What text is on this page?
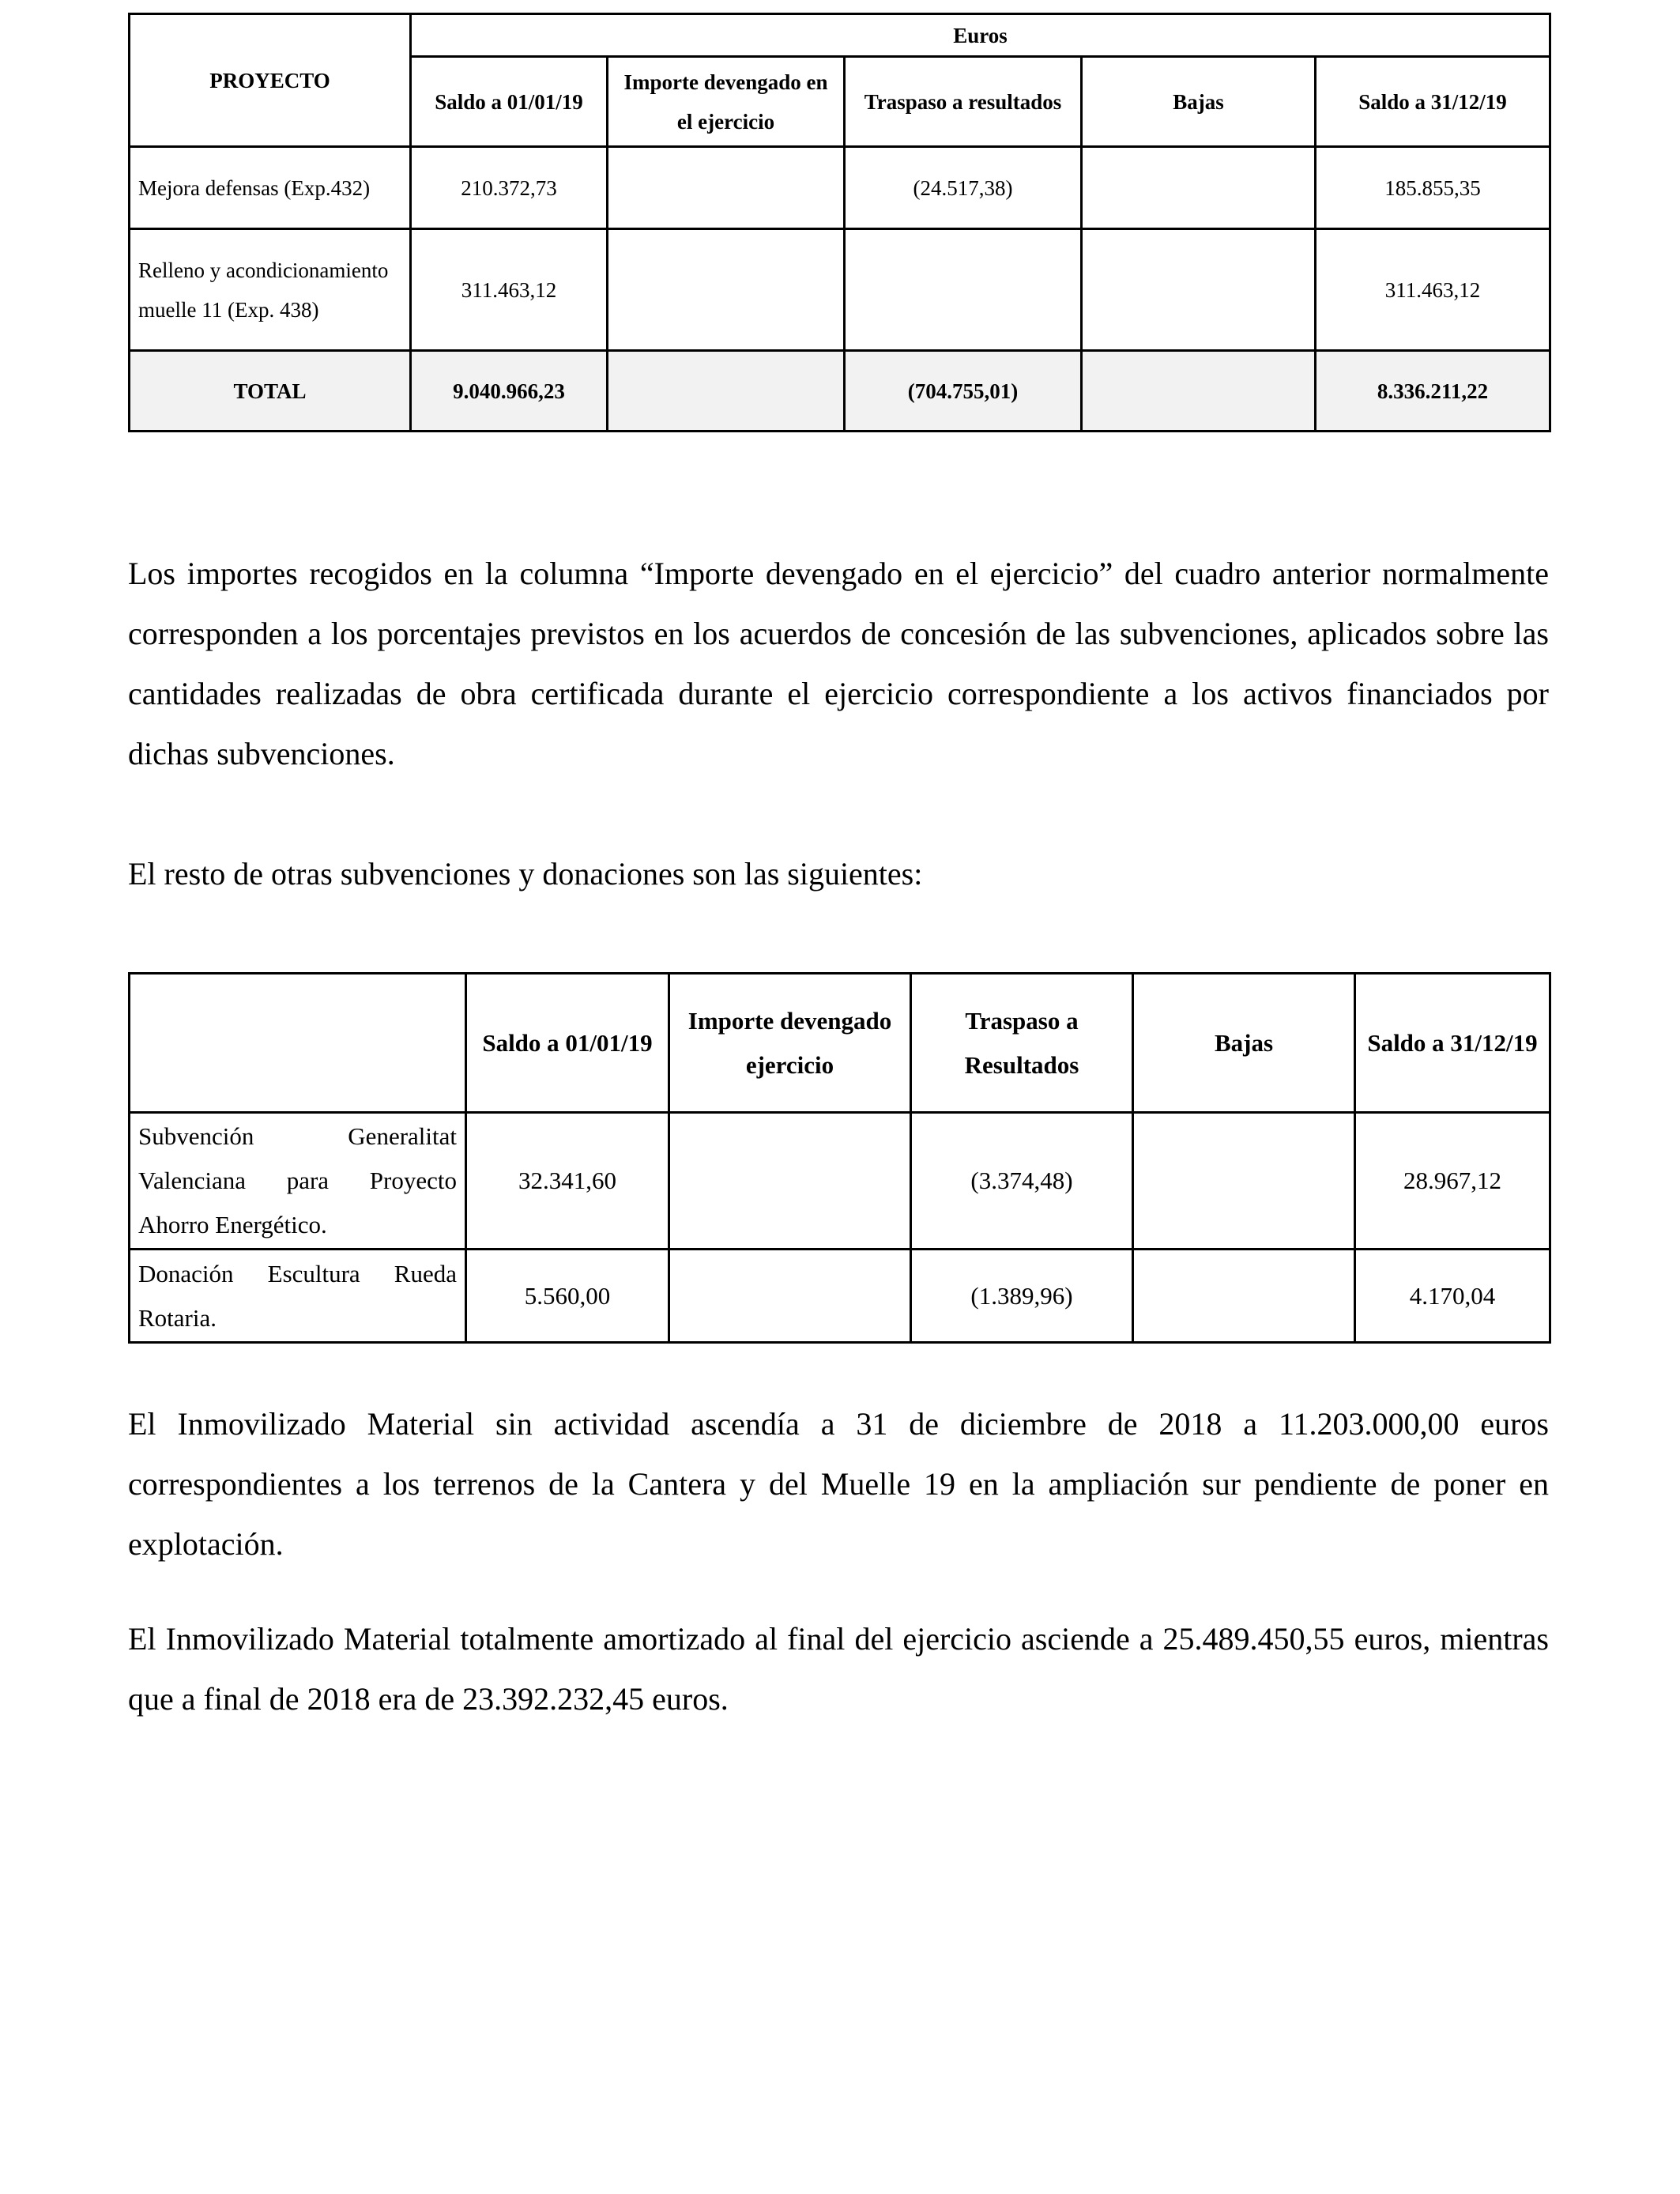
PROYECTO	Euros				
	Saldo a 01/01/19	Importe devengado en el ejercicio	Traspaso a resultados	Bajas	Saldo a 31/12/19
Mejora defensas (Exp.432)	210.372,73		(24.517,38)		185.855,35
Relleno y acondicionamiento muelle 11 (Exp. 438)	311.463,12				311.463,12
TOTAL	9.040.966,23		(704.755,01)		8.336.211,22

Los importes recogidos en la columna “Importe devengado en el ejercicio” del cuadro anterior normalmente corresponden a los porcentajes previstos en los acuerdos de concesión de las subvenciones, aplicados sobre las cantidades realizadas de obra certificada durante el ejercicio correspondiente a los activos financiados por dichas subvenciones.

El resto de otras subvenciones y donaciones son las siguientes:

	Saldo a 01/01/19	Importe devengado ejercicio	Traspaso a Resultados	Bajas	Saldo a 31/12/19
Subvención Generalitat Valenciana para Proyecto Ahorro Energético.	32.341,60		(3.374,48)		28.967,12
Donación Escultura Rueda Rotaria.	5.560,00		(1.389,96)		4.170,04

El Inmovilizado Material sin actividad ascendía a 31 de diciembre de 2018 a 11.203.000,00 euros correspondientes a los terrenos de la Cantera y del Muelle 19 en la ampliación sur pendiente de poner en explotación.

El Inmovilizado Material totalmente amortizado al final del ejercicio asciende a 25.489.450,55 euros, mientras que a final de 2018 era de 23.392.232,45 euros.
